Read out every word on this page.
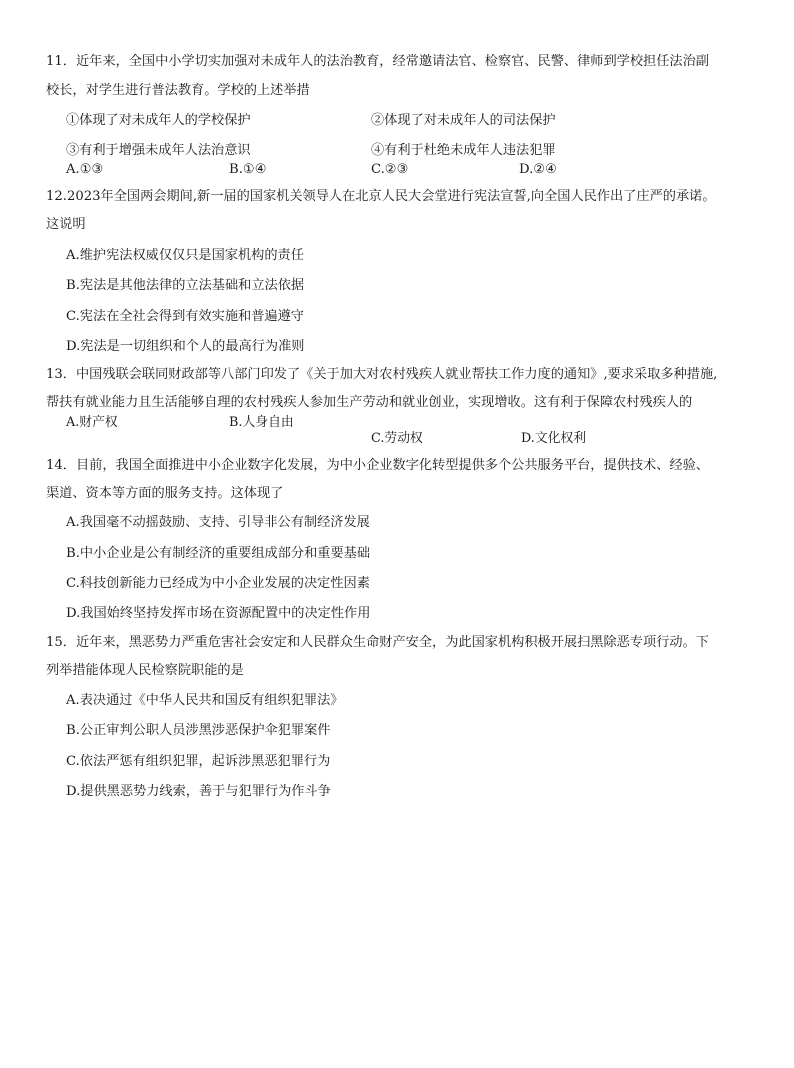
11．近年来，全国中小学切实加强对未成年人的法治教育，经常邀请法官、检察官、民警、律师到学校担任法治副
校长，对学生进行普法教育。学校的上述举措
①体现了对未成年人的学校保护	②体现了对未成年人的司法保护
③有利于增强未成年人法治意识	④有利于杜绝未成年人违法犯罪
A.①③	B.①④	C.②③	D.②④
12.2023年全国两会期间,新一届的国家机关领导人在北京人民大会堂进行宪法宣誓,向全国人民作出了庄严的承诺。
这说明
A.维护宪法权威仅仅只是国家机构的责任
B.宪法是其他法律的立法基础和立法依据
C.宪法在全社会得到有效实施和普遍遵守
D.宪法是一切组织和个人的最高行为准则
13．中国残联会联同财政部等八部门印发了《关于加大对农村残疾人就业帮扶工作力度的通知》,要求采取多种措施,
帮扶有就业能力且生活能够自理的农村残疾人参加生产劳动和就业创业，实现增收。这有利于保障农村残疾人的
A.财产权	B.人身自由
C.劳动权	D.文化权利
14．目前，我国全面推进中小企业数字化发展，为中小企业数字化转型提供多个公共服务平台，提供技术、经验、
渠道、资本等方面的服务支持。这体现了
A.我国毫不动摇鼓励、支持、引导非公有制经济发展
B.中小企业是公有制经济的重要组成部分和重要基础
C.科技创新能力已经成为中小企业发展的决定性因素
D.我国始终坚持发挥市场在资源配置中的决定性作用
15．近年来，黑恶势力严重危害社会安定和人民群众生命财产安全，为此国家机构积极开展扫黑除恶专项行动。下
列举措能体现人民检察院职能的是
A.表决通过《中华人民共和国反有组织犯罪法》
B.公正审判公职人员涉黑涉恶保护伞犯罪案件
C.依法严惩有组织犯罪，起诉涉黑恶犯罪行为
D.提供黑恶势力线索，善于与犯罪行为作斗争
